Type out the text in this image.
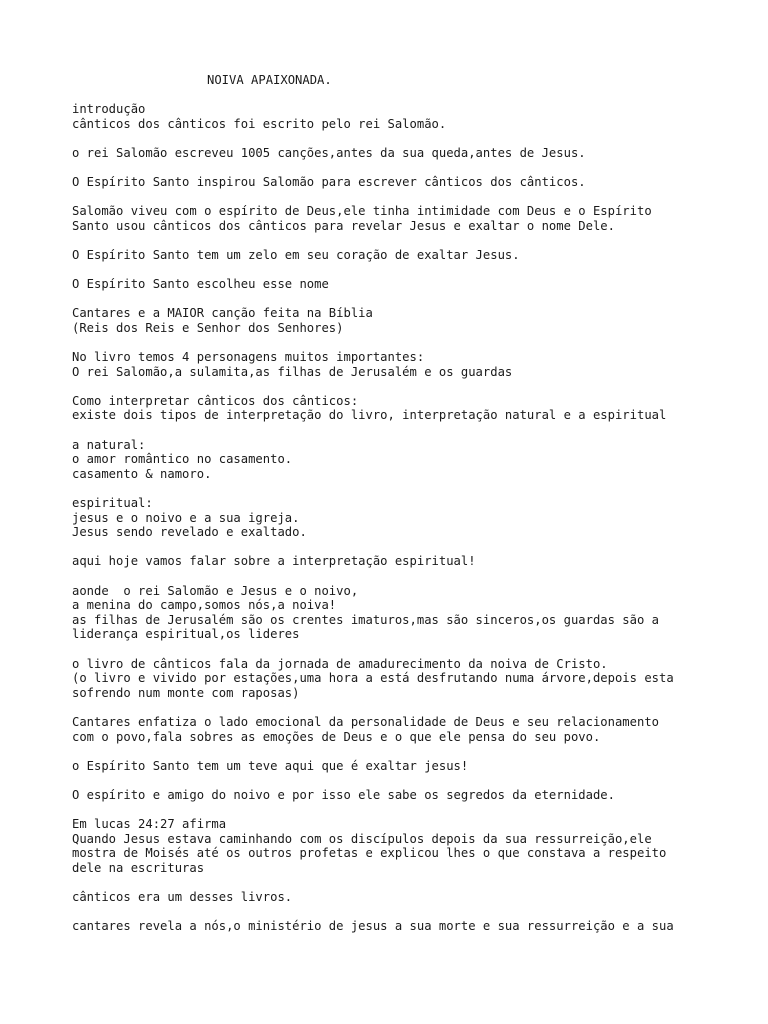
NOIVA APAIXONADA.
introdução
cânticos dos cânticos foi escrito pelo rei Salomão.
o rei Salomão escreveu 1005 canções,antes da sua queda,antes de Jesus.
O Espírito Santo inspirou Salomão para escrever cânticos dos cânticos.
Salomão viveu com o espírito de Deus,ele tinha intimidade com Deus e o Espírito
Santo usou cânticos dos cânticos para revelar Jesus e exaltar o nome Dele.
O Espírito Santo tem um zelo em seu coração de exaltar Jesus.
O Espírito Santo escolheu esse nome
Cantares e a MAIOR canção feita na Bíblia
(Reis dos Reis e Senhor dos Senhores)
No livro temos 4 personagens muitos importantes:
O rei Salomão,a sulamita,as filhas de Jerusalém e os guardas
Como interpretar cânticos dos cânticos:
existe dois tipos de interpretação do livro, interpretação natural e a espiritual
a natural:
o amor romântico no casamento.
casamento & namoro.
espiritual:
jesus e o noivo e a sua igreja.
Jesus sendo revelado e exaltado.
aqui hoje vamos falar sobre a interpretação espiritual!
aonde  o rei Salomão e Jesus e o noivo,
a menina do campo,somos nós,a noiva!
as filhas de Jerusalém são os crentes imaturos,mas são sinceros,os guardas são a
liderança espiritual,os lideres
o livro de cânticos fala da jornada de amadurecimento da noiva de Cristo.
(o livro e vivido por estações,uma hora a está desfrutando numa árvore,depois esta
sofrendo num monte com raposas)
Cantares enfatiza o lado emocional da personalidade de Deus e seu relacionamento
com o povo,fala sobres as emoções de Deus e o que ele pensa do seu povo.
o Espírito Santo tem um teve aqui que é exaltar jesus!
O espírito e amigo do noivo e por isso ele sabe os segredos da eternidade.
Em lucas 24:27 afirma
Quando Jesus estava caminhando com os discípulos depois da sua ressurreição,ele
mostra de Moisés até os outros profetas e explicou lhes o que constava a respeito
dele na escrituras
cânticos era um desses livros.
cantares revela a nós,o ministério de jesus a sua morte e sua ressurreição e a sua
